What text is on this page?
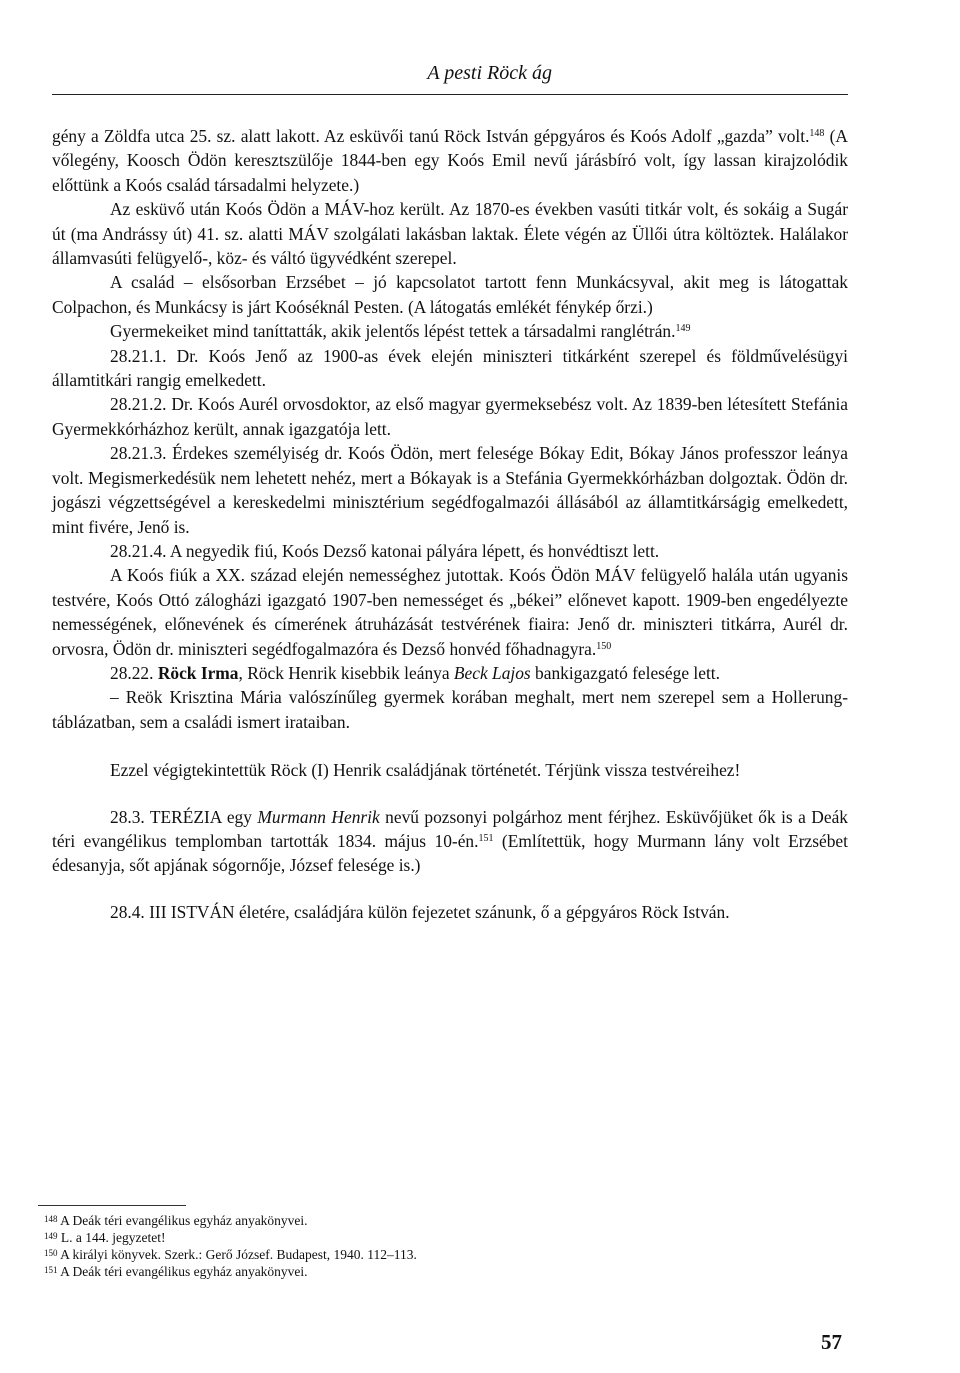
A pesti Röck ág

gény a Zöldfa utca 25. sz. alatt lakott. Az esküvői tanú Röck István gépgyáros és Koós Adolf „gazda” volt.$^{148}$ (A vőlegény, Koosch Ödön keresztszülője 1844-ben egy Koós Emil nevű járásbíró volt, így lassan kirajzolódik előttünk a Koós család társadalmi helyzete.)

Az esküvő után Koós Ödön a MÁV-hoz került. Az 1870-es években vasúti titkár volt, és sokáig a Sugár út (ma Andrássy út) 41. sz. alatti MÁV szolgálati lakásban laktak. Élete végén az Üllői útra költöztek. Halálakor államvasúti felügyelő-, köz- és váltó ügyvédként szerepel.

A család – elsősorban Erzsébet – jó kapcsolatot tartott fenn Munkácsyval, akit meg is látogattak Colpachon, és Munkácsy is járt Koóséknál Pesten. (A látogatás emlékét fénykép őrzi.)

Gyermekeiket mind taníttatták, akik jelentős lépést tettek a társadalmi ranglétrán.$^{149}$

28.21.1. Dr. Koós Jenő az 1900-as évek elején miniszteri titkárként szerepel és földművelésügyi államtitkári rangig emelkedett.

28.21.2. Dr. Koós Aurél orvosdoktor, az első magyar gyermeksebész volt. Az 1839-ben létesített Stefánia Gyermekkórházhoz került, annak igazgatója lett.

28.21.3. Érdekes személyiség dr. Koós Ödön, mert felesége Bókay Edit, Bókay János professzor leánya volt. Megismerkedésük nem lehetett nehéz, mert a Bókayak is a Stefánia Gyermekkórházban dolgoztak. Ödön dr. jogászi végzettségével a kereskedelmi minisztérium segédfogalmazói állásából az államtitkárságig emelkedett, mint fivére, Jenő is.

28.21.4. A negyedik fiú, Koós Dezső katonai pályára lépett, és honvédtiszt lett.

A Koós fiúk a XX. század elején nemességhez jutottak. Koós Ödön MÁV felügyelő halála után ugyanis testvére, Koós Ottó zálogházi igazgató 1907-ben nemességet és „békei” előnevet kapott. 1909-ben engedélyezte nemességének, előnevének és címerének átruházását testvérének fiaira: Jenő dr. miniszteri titkárra, Aurél dr. orvosra, Ödön dr. miniszteri segédfogalmazóra és Dezső honvéd főhadnagyra.$^{150}$

28.22. Röck Irma, Röck Henrik kisebbik leánya Beck Lajos bankigazgató felesége lett.

– Reök Krisztina Mária valószínűleg gyermek korában meghalt, mert nem szerepel sem a Hollerung-táblázatban, sem a családi ismert irataiban.

Ezzel végigtekintettük Röck (I) Henrik családjának történetét. Térjünk vissza testvéreihez!

28.3. TERÉZIA egy Murmann Henrik nevű pozsonyi polgárhoz ment férjhez. Esküvőjüket ők is a Deák téri evangélikus templomban tartották 1834. május 10-én.$^{151}$ (Említettük, hogy Murmann lány volt Erzsébet édesanyja, sőt apjának sógornője, József felesége is.)

28.4. III ISTVÁN életére, családjára külön fejezetet szánunk, ő a gépgyáros Röck István.

$^{148}$ A Deák téri evangélikus egyház anyakönyvei.
$^{149}$ L. a 144. jegyzetet!
$^{150}$ A királyi könyvek. Szerk.: Gerő József. Budapest, 1940. 112–113.
$^{151}$ A Deák téri evangélikus egyház anyakönyvei.
57
